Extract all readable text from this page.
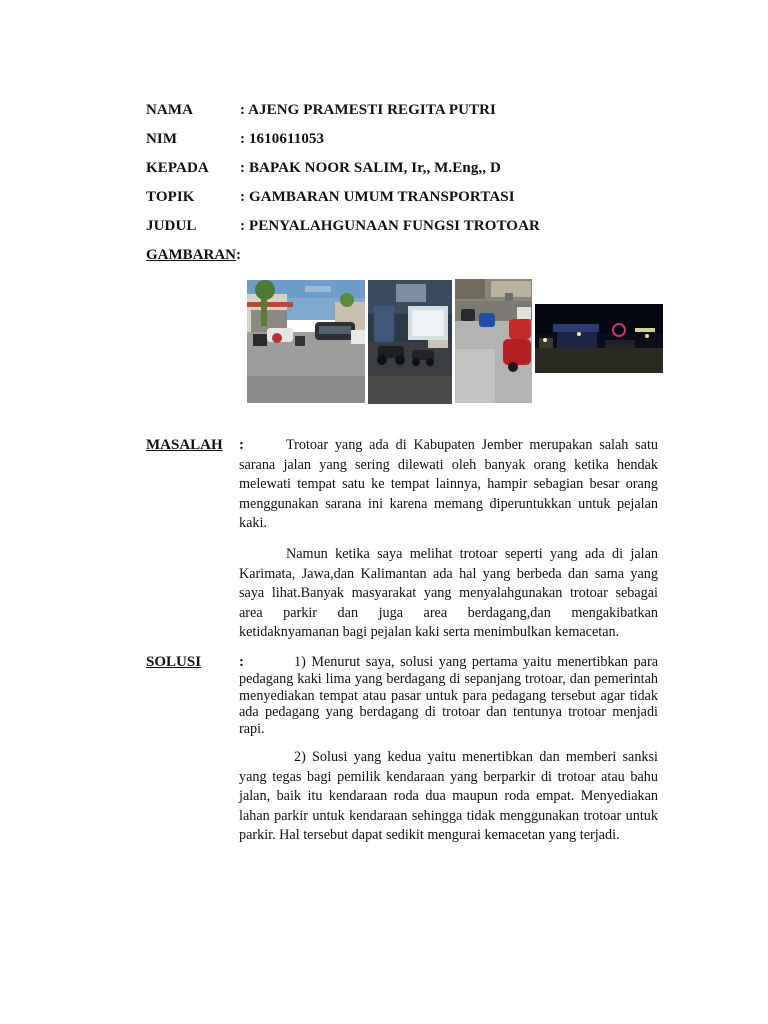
NAMA	: AJENG PRAMESTI REGITA PUTRI
NIM	: 1610611053
KEPADA : BAPAK NOOR SALIM, Ir,, M.Eng,, D
TOPIK	: GAMBARAN UMUM TRANSPORTASI
JUDUL	: PENYALAHGUNAAN FUNGSI TROTOAR
GAMBARAN:
MASALAH :	Trotoar yang ada di Kabupaten Jember merupakan salah satu sarana jalan yang sering dilewati oleh banyak orang ketika hendak melewati tempat satu ke tempat lainnya, hampir sebagian besar orang menggunakan sarana ini karena memang diperuntukkan untuk pejalan kaki.
Namun ketika saya melihat trotoar seperti yang ada di jalan Karimata, Jawa,dan Kalimantan ada hal yang berbeda dan sama yang saya lihat.Banyak masyarakat yang menyalahgunakan trotoar sebagai area parkir dan juga area berdagang,dan mengakibatkan ketidaknyamanan bagi pejalan kaki serta menimbulkan kemacetan.
SOLUSI	:	1) Menurut saya, solusi yang pertama yaitu menertibkan para pedagang kaki lima yang berdagang di sepanjang trotoar, dan pemerintah menyediakan tempat atau pasar untuk para pedagang tersebut agar tidak ada pedagang yang berdagang di trotoar dan tentunya trotoar menjadi rapi.
2) Solusi yang kedua yaitu menertibkan dan memberi sanksi yang tegas bagi pemilik kendaraan yang berparkir di trotoar atau bahu jalan, baik itu kendaraan roda dua maupun roda empat. Menyediakan lahan parkir untuk kendaraan sehingga tidak menggunakan trotoar untuk parkir. Hal tersebut dapat sedikit mengurai kemacetan yang terjadi.
